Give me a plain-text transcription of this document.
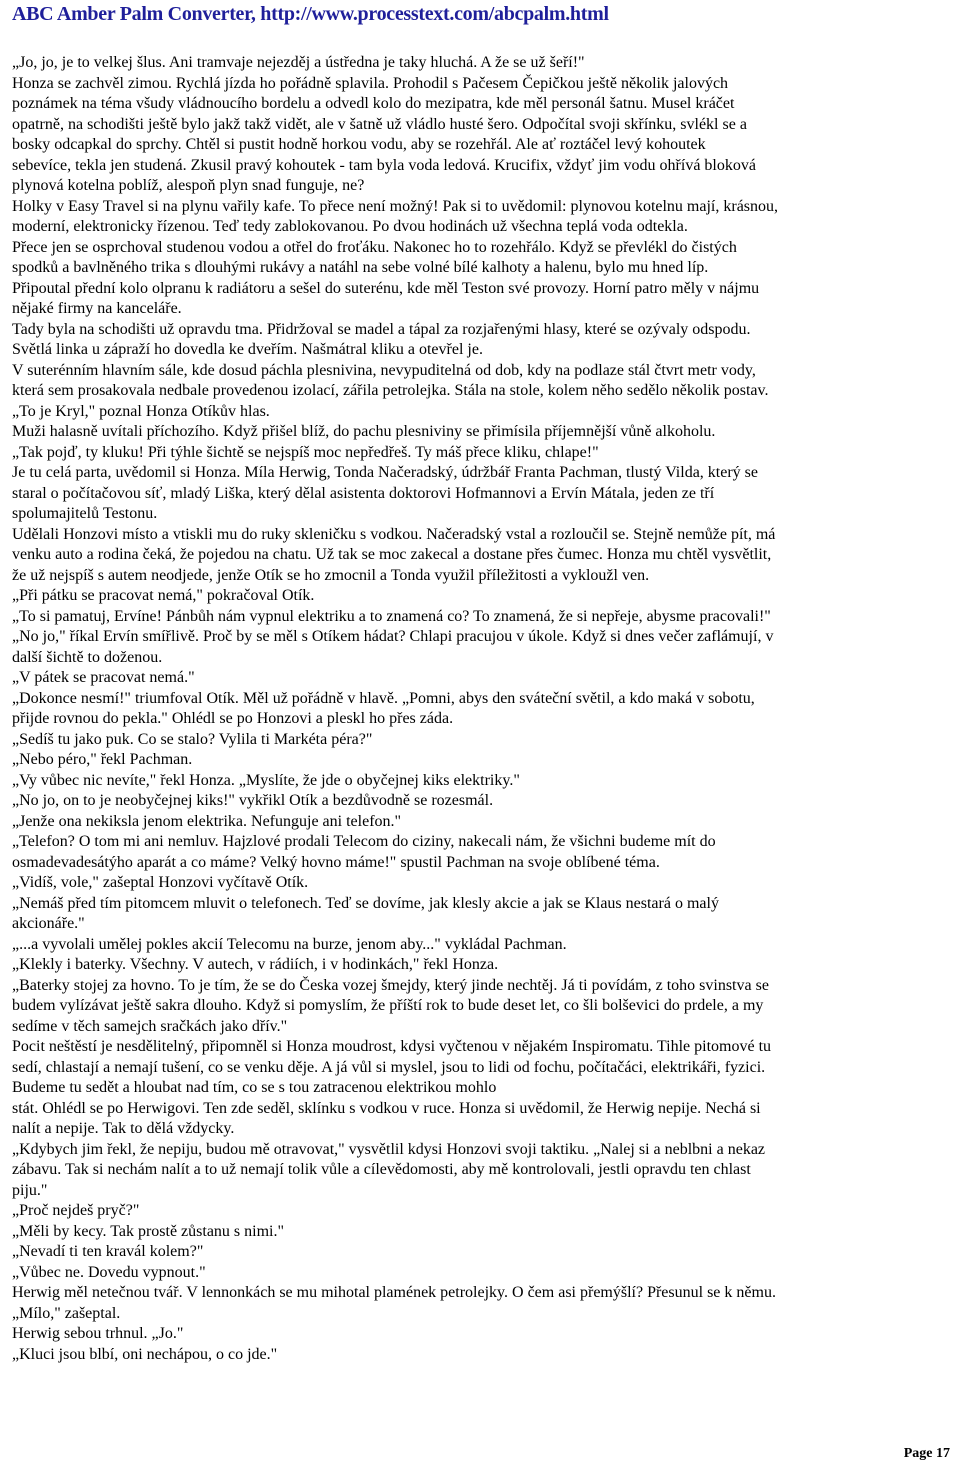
ABC Amber Palm Converter, http://www.processtext.com/abcpalm.html
„Jo, jo, je to velkej šlus. Ani tramvaje nejezděj a ústředna je taky hluchá. A že se už šeří!"
Honza se zachvěl zimou. Rychlá jízda ho pořádně splavila. Prohodil s Pačesem Čepičkou ještě několik jalových
poznámek na téma všudy vládnoucího bordelu a odvedl kolo do mezipatra, kde měl personál šatnu. Musel kráčet
opatrně, na schodišti ještě bylo jakž takž vidět, ale v šatně už vládlo husté šero. Odpočítal svoji skřínku, svlékl se a
bosky odcapkal do sprchy. Chtěl si pustit hodně horkou vodu, aby se rozehřál. Ale ať roztáčel levý kohoutek
sebevíce, tekla jen studená. Zkusil pravý kohoutek - tam byla voda ledová. Krucifix, vždyť jim vodu ohřívá bloková
plynová kotelna poblíž, alespoň plyn snad funguje, ne?
Holky v Easy Travel si na plynu vařily kafe. To přece není možný! Pak si to uvědomil: plynovou kotelnu mají, krásnou,
moderní, elektronicky řízenou. Teď tedy zablokovanou. Po dvou hodinách už všechna teplá voda odtekla.
Přece jen se osprchoval studenou vodou a otřel do froťáku. Nakonec ho to rozehřálo. Když se převlékl do čistých
spodků a bavlněného trika s dlouhými rukávy a natáhl na sebe volné bílé kalhoty a halenu, bylo mu hned líp.
Připoutal přední kolo olpranu k radiátoru a sešel do suterénu, kde měl Teston své provozy. Horní patro měly v nájmu
nějaké firmy na kanceláře.
Tady byla na schodišti už opravdu tma. Přidržoval se madel a tápal za rozjařenými hlasy, které se ozývaly odspodu.
Světlá linka u zápraží ho dovedla ke dveřím. Našmátral kliku a otevřel je.
V suterénním hlavním sále, kde dosud páchla plesnivina, nevypuditelná od dob, kdy na podlaze stál čtvrt metr vody,
která sem prosakovala nedbale provedenou izolací, zářila petrolejka. Stála na stole, kolem něho sedělo několik postav.
„To je Kryl," poznal Honza Otíkův hlas.
Muži halasně uvítali příchozího. Když přišel blíž, do pachu plesniviny se přimísila příjemnější vůně alkoholu.
„Tak pojď, ty kluku! Při týhle šichtě se nejspíš moc nepředřeš. Ty máš přece kliku, chlape!"
Je tu celá parta, uvědomil si Honza. Míla Herwig, Tonda Načeradský, údržbář Franta Pachman, tlustý Vilda, který se
staral o počítačovou síť, mladý Liška, který dělal asistenta doktorovi Hofmannovi a Ervín Mátala, jeden ze tří
spolumajitelů Testonu.
Udělali Honzovi místo a vtiskli mu do ruky skleničku s vodkou. Načeradský vstal a rozloučil se. Stejně nemůže pít, má
venku auto a rodina čeká, že pojedou na chatu. Už tak se moc zakecal a dostane přes čumec. Honza mu chtěl vysvětlit,
že už nejspíš s autem neodjede, jenže Otík se ho zmocnil a Tonda využil příležitosti a vykloužl ven.
„Při pátku se pracovat nemá," pokračoval Otík.
„To si pamatuj, Ervíne! Pánbůh nám vypnul elektriku a to znamená co? To znamená, že si nepřeje, abysme pracovali!"
„No jo," říkal Ervín smířlivě. Proč by se měl s Otíkem hádat? Chlapi pracujou v úkole. Když si dnes večer zaflámují, v
další šichtě to doženou.
„V pátek se pracovat nemá."
„Dokonce nesmí!" triumfoval Otík. Měl už pořádně v hlavě. „Pomni, abys den sváteční světil, a kdo maká v sobotu,
přijde rovnou do pekla." Ohlédl se po Honzovi a pleskl ho přes záda.
„Sedíš tu jako puk. Co se stalo? Vylila ti Markéta péra?"
„Nebo péro," řekl Pachman.
„Vy vůbec nic nevíte," řekl Honza. „Myslíte, že jde o obyčejnej kiks elektriky."
„No jo, on to je neobyčejnej kiks!" vykřikl Otík a bezdůvodně se rozesmál.
„Jenže ona nekiksla jenom elektrika. Nefunguje ani telefon."
„Telefon? O tom mi ani nemluv. Hajzlové prodali Telecom do ciziny, nakecali nám, že všichni budeme mít do
osmadevadesátýho aparát a co máme? Velký hovno máme!" spustil Pachman na svoje oblíbené téma.
„Vidíš, vole," zašeptal Honzovi vyčítavě Otík.
„Nemáš před tím pitomcem mluvit o telefonech. Teď se dovíme, jak klesly akcie a jak se Klaus nestará o malý
akcionáře."
„...a vyvolali umělej pokles akcií Telecomu na burze, jenom aby..." vykládal Pachman.
„Klekly i baterky. Všechny. V autech, v rádiích, i v hodinkách," řekl Honza.
„Baterky stojej za hovno. To je tím, že se do Česka vozej šmejdy, který jinde nechtěj. Já ti povídám, z toho svinstva se
budem vylízávat ještě sakra dlouho. Když si pomyslím, že příští rok to bude deset let, co šli bolševici do prdele, a my
sedíme v těch samejch sračkách jako dřív."
Pocit neštěstí je nesdělitelný, připomněl si Honza moudrost, kdysi vyčtenou v nějakém Inspiromatu. Tihle pitomové tu
sedí, chlastají a nemají tušení, co se venku děje. A já vůl si myslel, jsou to lidi od fochu, počítačáci, elektrikáři, fyzici.
Budeme tu sedět a hloubat nad tím, co se s tou zatracenou elektrikou mohlo
stát. Ohlédl se po Herwigovi. Ten zde seděl, sklínku s vodkou v ruce. Honza si uvědomil, že Herwig nepije. Nechá si
nalít a nepije. Tak to dělá vždycky.
„Kdybych jim řekl, že nepiju, budou mě otravovat," vysvětlil kdysi Honzovi svoji taktiku. „Nalej si a neblbni a nekaz
zábavu. Tak si nechám nalít a to už nemají tolik vůle a cílevědomosti, aby mě kontrolovali, jestli opravdu ten chlast
piju."
„Proč nejdeš pryč?"
„Měli by kecy. Tak prostě zůstanu s nimi."
„Nevadí ti ten kravál kolem?"
„Vůbec ne. Dovedu vypnout."
Herwig měl netečnou tvář. V lennonkách se mu mihotal plamének petrolejky. O čem asi přemýšlí? Přesunul se k němu.
„Mílo," zašeptal.
Herwig sebou trhnul. „Jo."
„Kluci jsou blbí, oni nechápou, o co jde."
Page 17
